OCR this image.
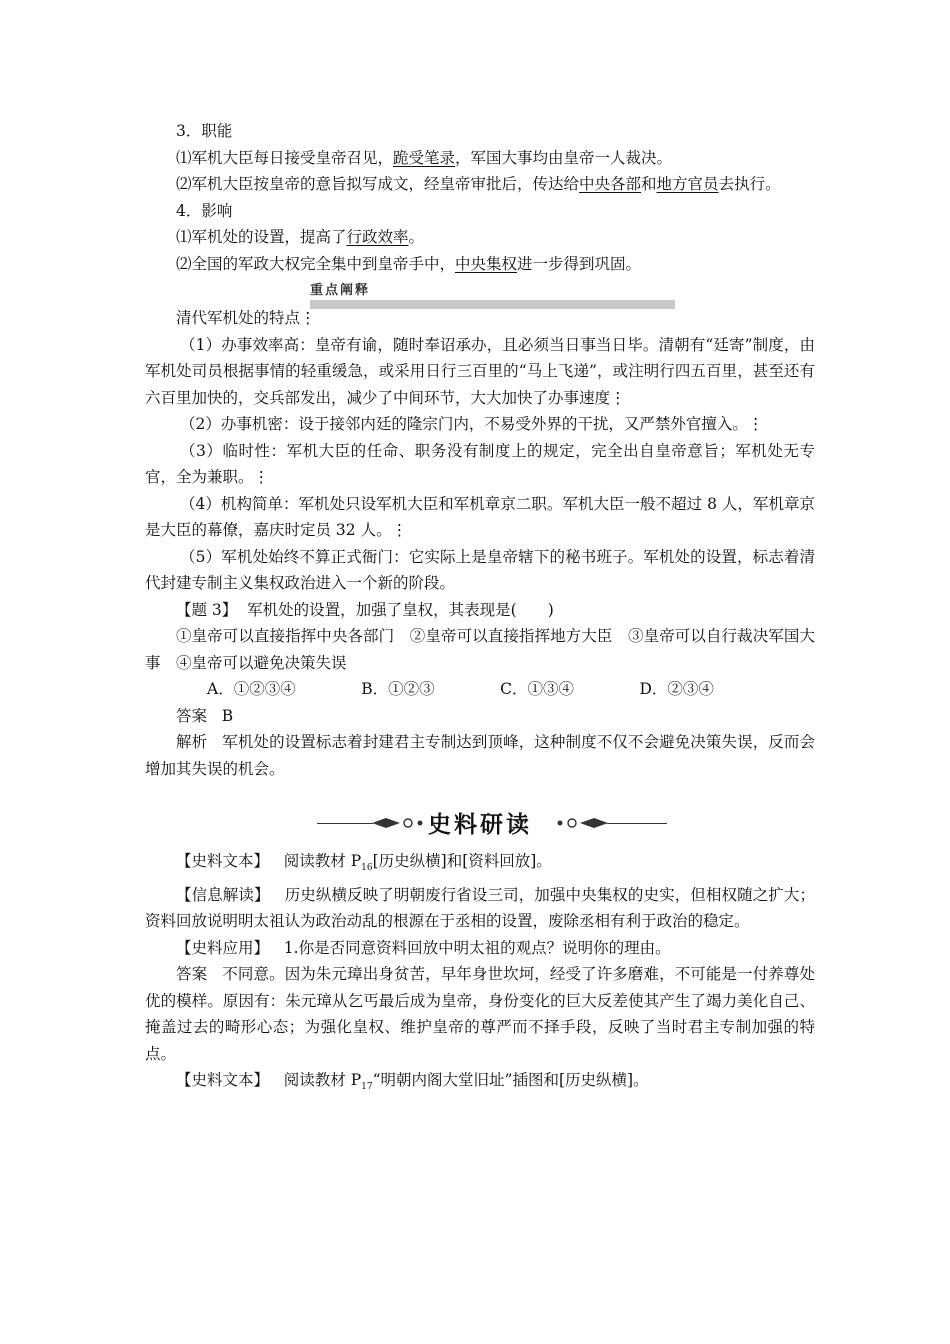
3．职能

⑴军机大臣每日接受皇帝召见，跪受笔录，军国大事均由皇帝一人裁决。

⑵军机大臣按皇帝的意旨拟写成文，经皇帝审批后，传达给中央各部和地方官员去执行。

4．影响

⑴军机处的设置，提高了行政效率。

⑵全国的军政大权完全集中到皇帝手中，中央集权进一步得到巩固。

重点阐释

清代军机处的特点⋮

（1）办事效率高：皇帝有谕，随时奉诏承办，且必须当日事当日毕。清朝有“廷寄”制度，由军机处司员根据事情的轻重缓急，或采用日行三百里的“马上飞递”，或注明行四五百里，甚至还有六百里加快的，交兵部发出，减少了中间环节，大大加快了办事速度⋮

（2）办事机密：设于接邻内廷的隆宗门内，不易受外界的干扰，又严禁外官擅入。⋮

（3）临时性：军机大臣的任命、职务没有制度上的规定，完全出自皇帝意旨；军机处无专官，全为兼职。⋮

（4）机构简单：军机处只设军机大臣和军机章京二职。军机大臣一般不超过 8 人，军机章京是大臣的幕僚，嘉庆时定员 32 人。⋮

（5）军机处始终不算正式衙门：它实际上是皇帝辖下的秘书班子。军机处的设置，标志着清代封建专制主义集权政治进入一个新的阶段。

【题 3】 军机处的设置，加强了皇权，其表现是(　　)

①皇帝可以直接指挥中央各部门　②皇帝可以直接指挥地方大臣　③皇帝可以自行裁决军国大事　④皇帝可以避免决策失误

A．①②③④	B．①②③	C．①③④	D．②③④

答案 B

解析 军机处的设置标志着封建君主专制达到顶峰，这种制度不仅不会避免决策失误，反而会增加其失误的机会。

史料研读

【史料文本】 阅读教材 $P_{16}$[历史纵横]和[资料回放]。

【信息解读】 历史纵横反映了明朝废行省设三司，加强中央集权的史实，但相权随之扩大；资料回放说明明太祖认为政治动乱的根源在于丞相的设置，废除丞相有利于政治的稳定。

【史料应用】 1.你是否同意资料回放中明太祖的观点？说明你的理由。

答案 不同意。因为朱元璋出身贫苦，早年身世坎坷，经受了许多磨难，不可能是一付养尊处优的模样。原因有：朱元璋从乞丐最后成为皇帝，身份变化的巨大反差使其产生了竭力美化自己、掩盖过去的畸形心态；为强化皇权、维护皇帝的尊严而不择手段，反映了当时君主专制加强的特点。

【史料文本】 阅读教材 $P_{17}“$明朝内阁大堂旧址”插图和[历史纵横]。
